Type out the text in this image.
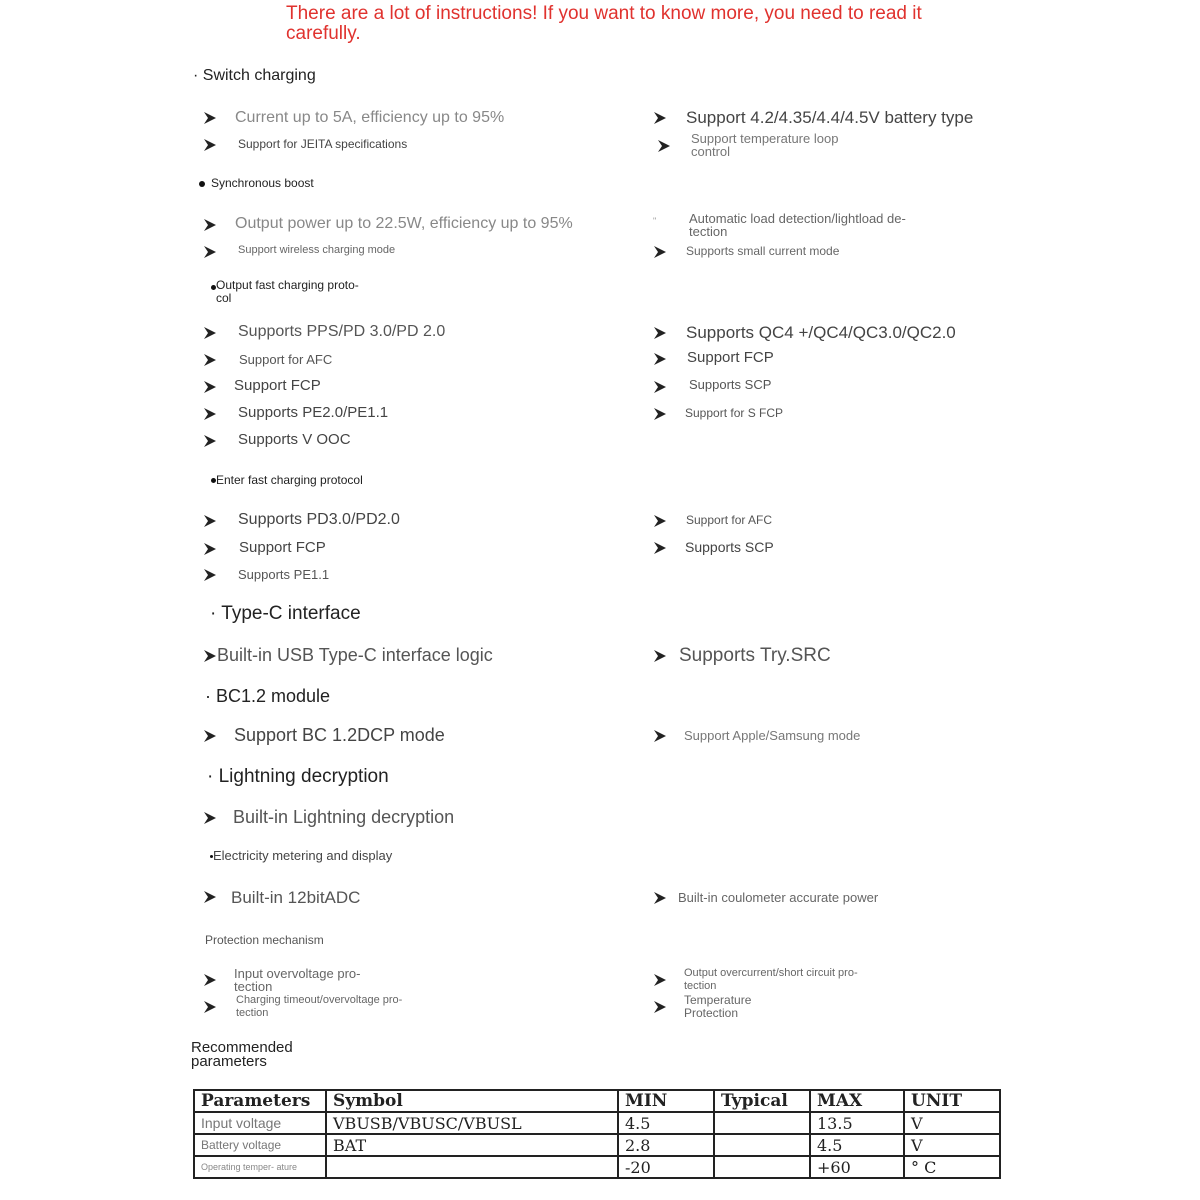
There are a lot of instructions! If you want to know more, you need to read it carefully.
· Switch charging
Current up to 5A, efficiency up to 95%	Support 4.2/4.35/4.4/4.5V battery type
Support for JEITA specifications	Support temperature loop control
Synchronous boost
Output power up to 22.5W, efficiency up to 95%	"	Automatic load detection/lightload de- tection
Support wireless charging mode	Supports small current mode
Output fast charging proto- col
Supports PPS/PD 3.0/PD 2.0	Supports QC4 +/QC4/QC3.0/QC2.0
Support for AFC	Support FCP
Support FCP	Supports SCP
Supports PE2.0/PE1.1	Support for S FCP
Supports V OOC
Enter fast charging protocol
Supports PD3.0/PD2.0	Support for AFC
Support FCP	Supports SCP
Supports PE1.1
· Type-C interface
Built-in USB Type-C interface logic	Supports Try.SRC
· BC1.2 module
Support BC 1.2DCP mode	Support Apple/Samsung mode
· Lightning decryption
Built-in Lightning decryption
Electricity metering and display
Built-in 12bitADC	Built-in coulometer accurate power
Protection mechanism
Input overvoltage pro- tection
Output overcurrent/short circuit pro- tection
Charging timeout/overvoltage pro- tection
Temperature Protection
Recommended parameters
Parameters	Symbol	MIN	Typical	MAX	UNIT
Input voltage	VBUSB/VBUSC/VBUSL	4.5		13.5	V
Battery voltage	BAT	2.8		4.5	V
Operating temper- ature		-20		+60	° C
